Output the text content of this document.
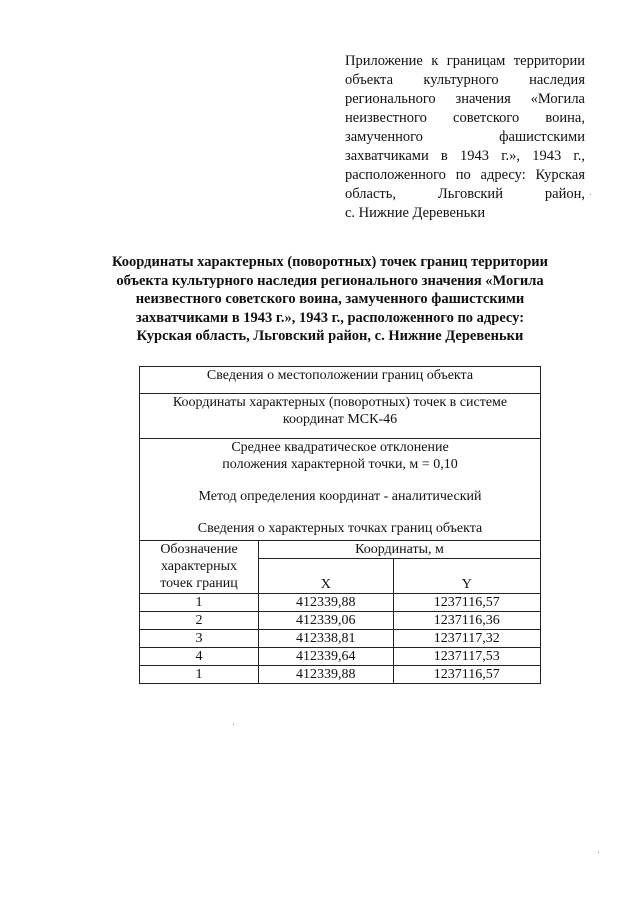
Приложение к границам территории
объекта культурного наследия
регионального значения «Могила
неизвестного советского воина,
замученного фашистскими
захватчиками в 1943 г.», 1943 г.,
расположенного по адресу: Курская
область, Льговский район,
с. Нижние Деревеньки
Координаты характерных (поворотных) точек границ территории
объекта культурного наследия регионального значения «Могила
неизвестного советского воина, замученного фашистскими
захватчиками в 1943 г.», 1943 г., расположенного по адресу:
Курская область, Льговский район, с. Нижние Деревеньки
Сведения о местоположении границ объекта		
Координаты характерных (поворотных) точек в системе координат МСК-46		

Среднее квадратическое отклонение

положения характерной точки, м = 0,10

Метод определения координат - аналитический

Сведения о характерных точках границ объекта		

Обозначение характерных точек границ	Координаты, м	
	X	Y
1	412339,88	1237116,57
2	412339,06	1237116,36
3	412338,81	1237117,32
4	412339,64	1237117,53
1	412339,88	1237116,57
